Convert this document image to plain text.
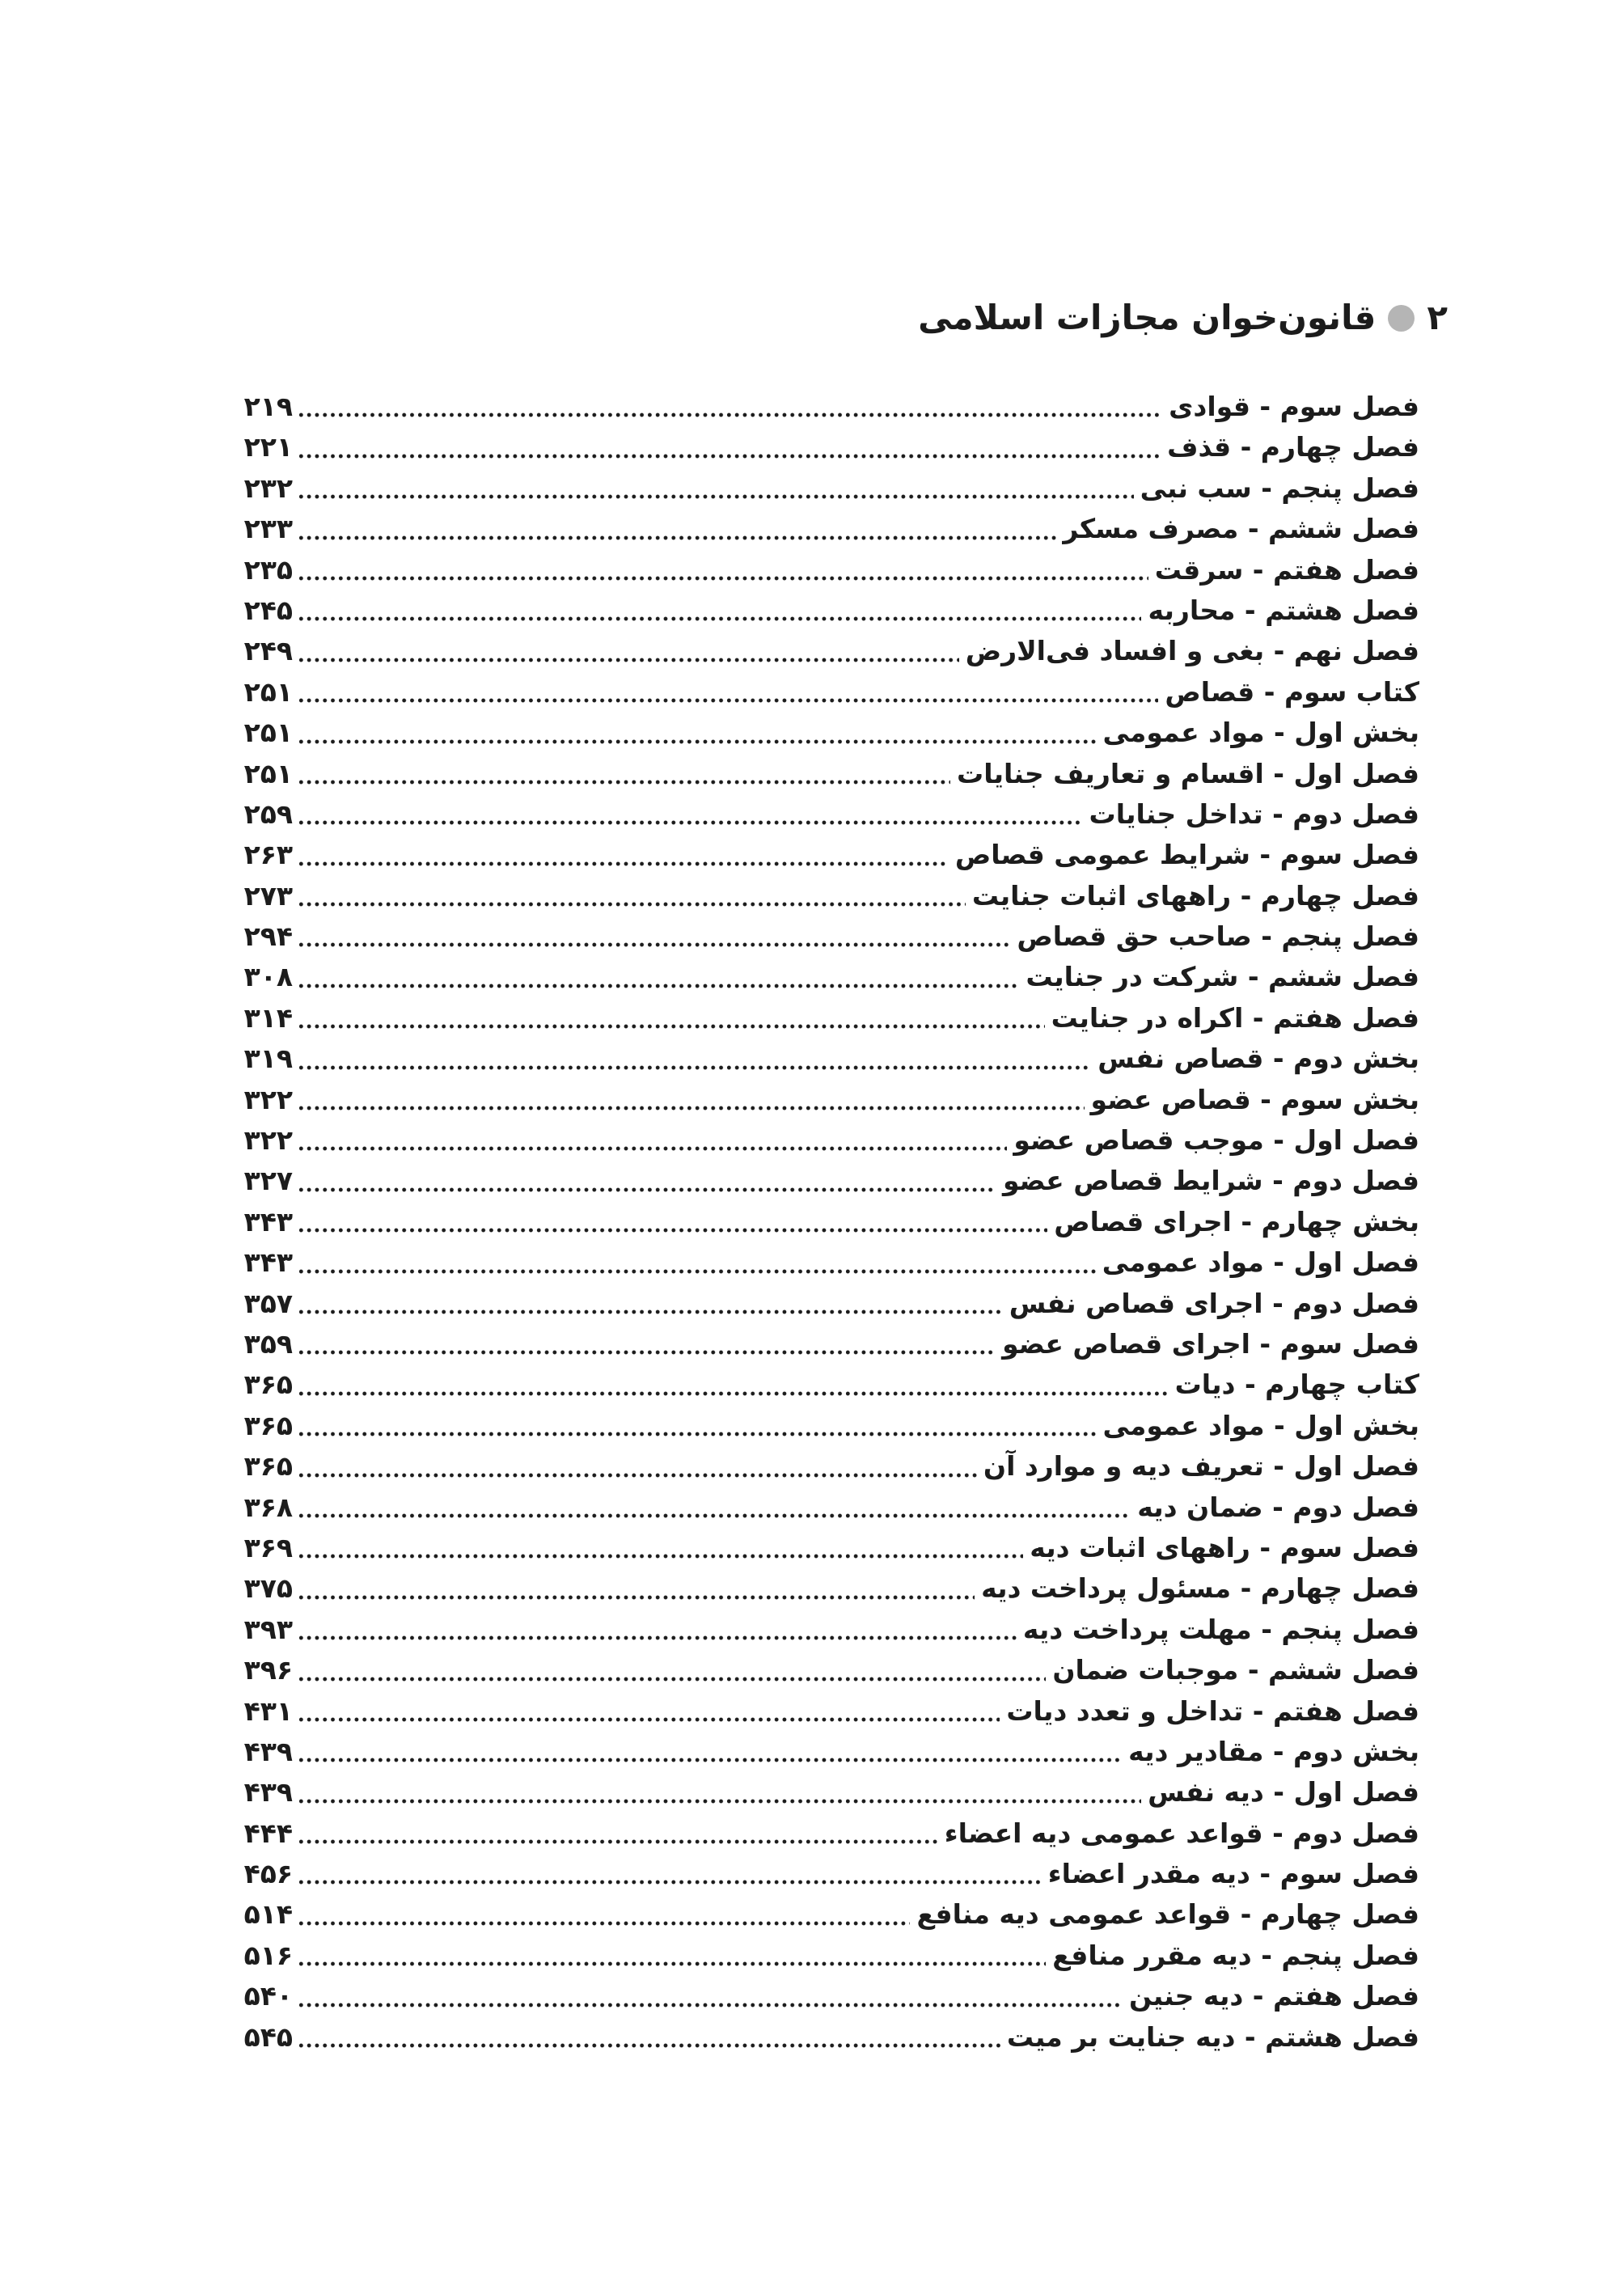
۲
قانون‌خوان مجازات اسلامی
فصل سوم - قوادی
۲۱۹
فصل چهارم - قذف
۲۲۱
فصل پنجم - سب نبی
۲۳۲
فصل ششم - مصرف مسکر
۲۳۳
فصل هفتم - سرقت
۲۳۵
فصل هشتم - محاربه
۲۴۵
فصل نهم - بغی و افساد فی‌الارض
۲۴۹
کتاب سوم - قصاص
۲۵۱
بخش اول - مواد عمومی
۲۵۱
فصل اول - اقسام و تعاریف جنایات
۲۵۱
فصل دوم - تداخل جنایات
۲۵۹
فصل سوم - شرایط عمومی قصاص
۲۶۳
فصل چهارم - راههای اثبات جنایت
۲۷۳
فصل پنجم - صاحب حق قصاص
۲۹۴
فصل ششم - شرکت در جنایت
۳۰۸
فصل هفتم - اکراه در جنایت
۳۱۴
بخش دوم - قصاص نفس
۳۱۹
بخش سوم - قصاص عضو
۳۲۲
فصل اول - موجب قصاص عضو
۳۲۲
فصل دوم - شرایط قصاص عضو
۳۲۷
بخش چهارم - اجرای قصاص
۳۴۳
فصل اول - مواد عمومی
۳۴۳
فصل دوم - اجرای قصاص نفس
۳۵۷
فصل سوم - اجرای قصاص عضو
۳۵۹
کتاب چهارم - دیات
۳۶۵
بخش اول - مواد عمومی
۳۶۵
فصل اول - تعریف دیه و موارد آن
۳۶۵
فصل دوم - ضمان دیه
۳۶۸
فصل سوم - راههای اثبات دیه
۳۶۹
فصل چهارم - مسئول پرداخت دیه
۳۷۵
فصل پنجم - مهلت پرداخت دیه
۳۹۳
فصل ششم - موجبات ضمان
۳۹۶
فصل هفتم - تداخل و تعدد دیات
۴۳۱
بخش دوم - مقادیر دیه
۴۳۹
فصل اول - دیه نفس
۴۳۹
فصل دوم - قواعد عمومی دیه اعضاء
۴۴۴
فصل سوم - دیه مقدر اعضاء
۴۵۶
فصل چهارم - قواعد عمومی دیه منافع
۵۱۴
فصل پنجم - دیه مقرر منافع
۵۱۶
فصل هفتم - دیه جنین
۵۴۰
فصل هشتم - دیه جنایت بر میت
۵۴۵
